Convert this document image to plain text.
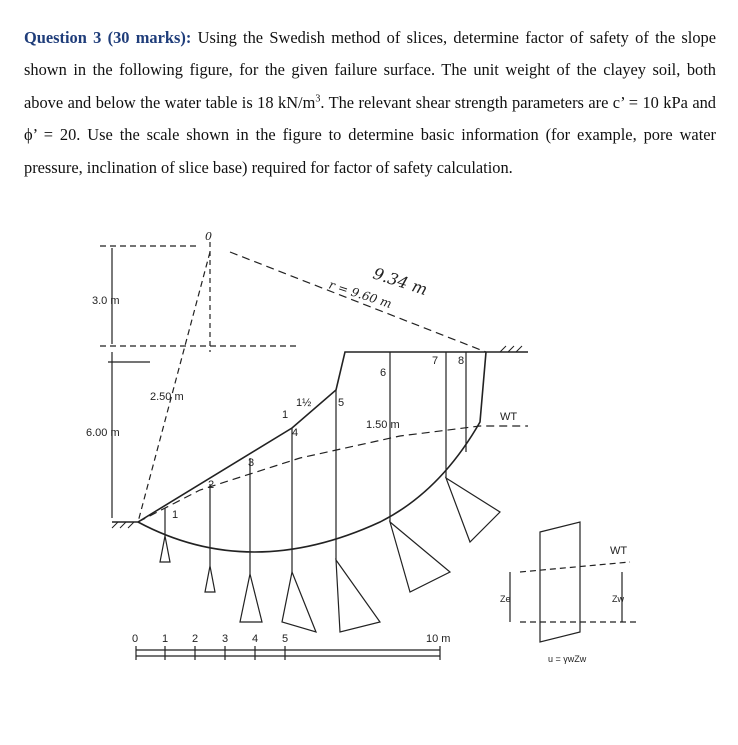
Question 3 (30 marks): Using the Swedish method of slices, determine factor of safety of the slope shown in the following figure, for the given failure surface. The unit weight of the clayey soil, both above and below the water table is 18 $kN/m^3$. The relevant shear strength parameters are c’ = 10 kPa and ϕ’ = 20. Use the scale shown in the figure to determine basic information (for example, pore water pressure, inclination of slice base) required for factor of safety calculation.
0
9.34 m
r = 9.60 m
3.0 m
6.00 m
2.50 m
1.50 m
WT
1½
1
1
2
3
4
5
6
7 8
0 1 2 3 4 5	10 m
WT
Ze	Zw
u = γwZw
